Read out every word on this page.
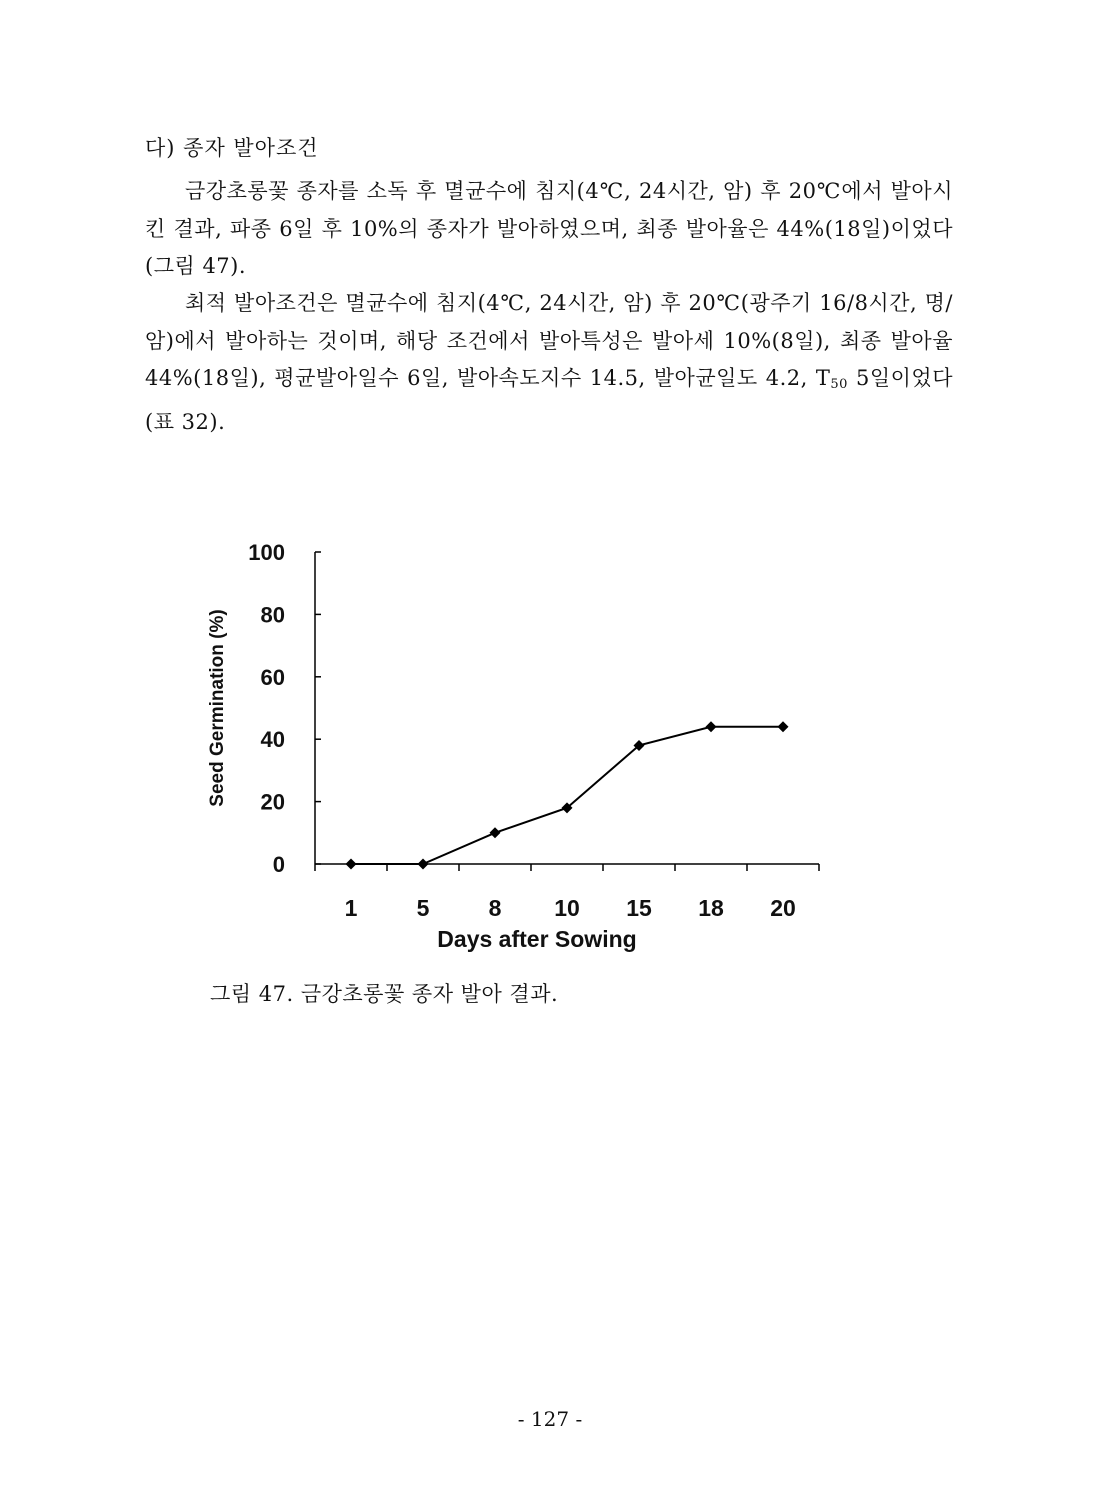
다) 종자 발아조건

금강초롱꽃 종자를 소독 후 멸균수에 침지(4℃, 24시간, 암) 후 20℃에서 발아시킨 결과, 파종 6일 후 10%의 종자가 발아하였으며, 최종 발아율은 44%(18일)이었다(그림 47).

최적 발아조건은 멸균수에 침지(4℃, 24시간, 암) 후 20℃(광주기 16/8시간, 명/암)에서 발아하는 것이며, 해당 조건에서 발아특성은 발아세 10%(8일), 최종 발아율 44%(18일), 평균발아일수 6일, 발아속도지수 14.5, 발아균일도 4.2, $T_{50}$ 5일이었다(표 32).

0
20
40
60
80
100
1	5	8 10 15 18 20
Days after Sowing
Seed Germination (%)
그림 47. 금강초롱꽃 종자 발아 결과.
- 127 -
